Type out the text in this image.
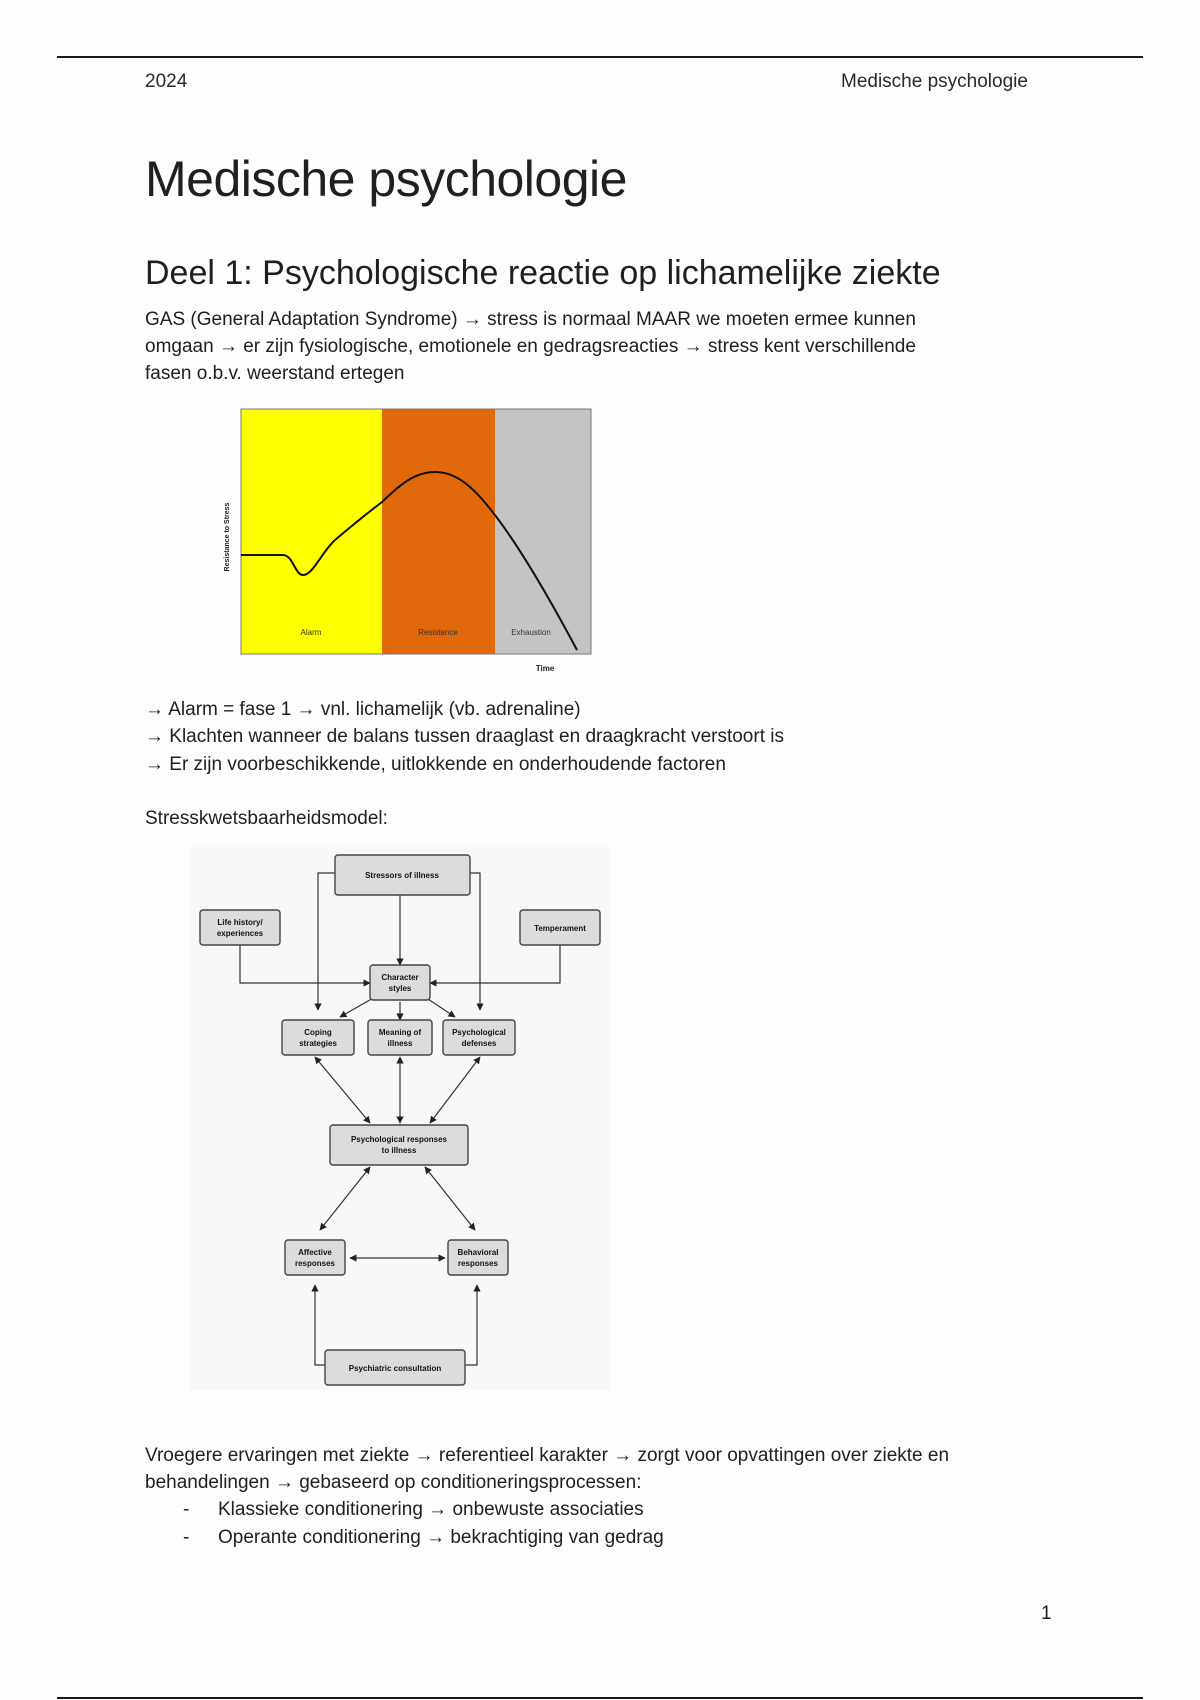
2024	Medische psychologie
Medische psychologie
Deel 1: Psychologische reactie op lichamelijke ziekte
GAS (General Adaptation Syndrome) → stress is normaal MAAR we moeten ermee kunnen
omgaan → er zijn fysiologische, emotionele en gedragsreacties → stress kent verschillende
fasen o.b.v. weerstand ertegen
Resistance to Stress
Alarm	Resistance	Exhaustion
Time
→ Alarm = fase 1 → vnl. lichamelijk (vb. adrenaline)
→ Klachten wanneer de balans tussen draaglast en draagkracht verstoort is
→ Er zijn voorbeschikkende, uitlokkende en onderhoudende factoren
Stresskwetsbaarheidsmodel:
Stressors of illness
Life history/
experiences
Temperament
Character
styles
Coping
strategies
Meaning of
illness
Psychological
defenses
Psychological responses
to illness
Affective
responses
Behavioral
responses
Psychiatric consultation
Vroegere ervaringen met ziekte → referentieel karakter → zorgt voor opvattingen over ziekte en
behandelingen → gebaseerd op conditioneringsprocessen:
- Klassieke conditionering → onbewuste associaties
- Operante conditionering → bekrachtiging van gedrag
1
